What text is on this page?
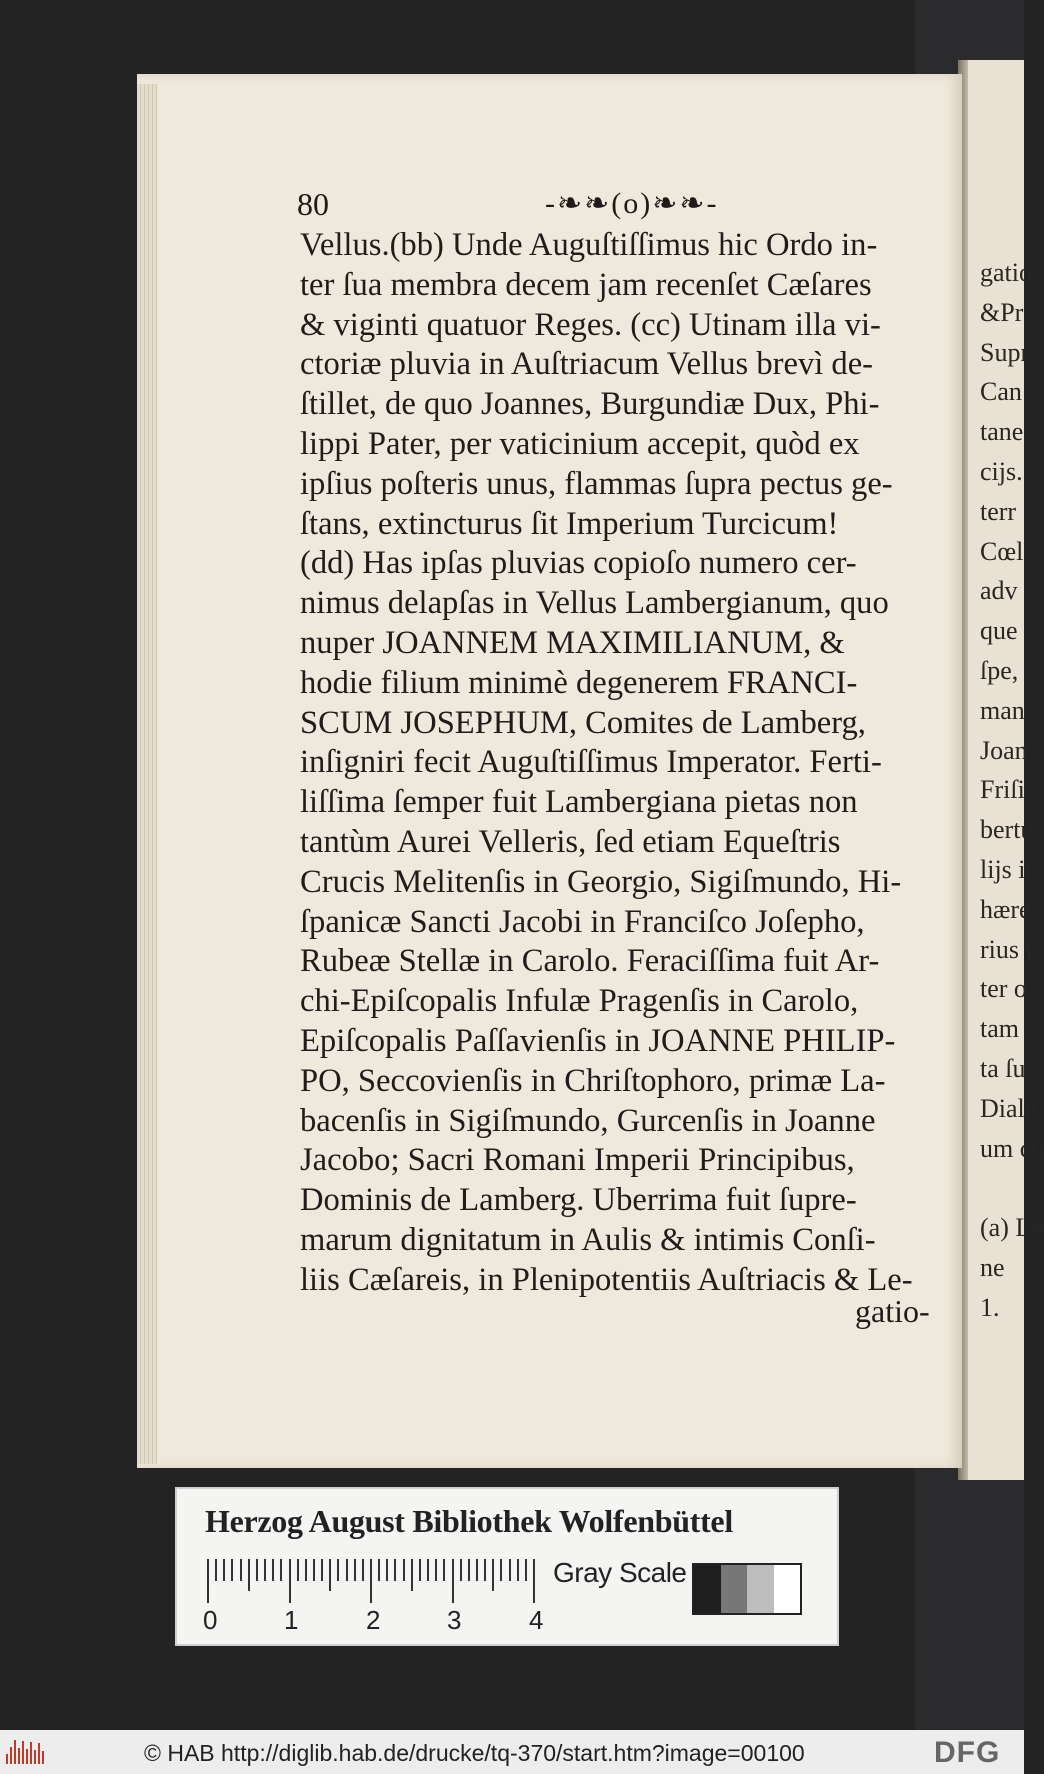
gatio
&Pr
Supr
Can
tane
cijs.
terr
Cœl
adv
que
ſpe,
man
Joan
Friſi
bertu
lijs it
hære
rius j
ter o
tam
ta ſu
Diale
um cu
(a) Le
ne
1.
80	-❧❧(o)❧❧-
Vellus.(bb) Unde Auguſtiſſimus hic Ordo in-
ter ſua membra decem jam recenſet Cæſares
& viginti quatuor Reges. (cc) Utinam illa vi-
ctoriæ pluvia in Auſtriacum Vellus brevì de-
ſtillet, de quo Joannes, Burgundiæ Dux, Phi-
lippi Pater, per vaticinium accepit, quòd ex
ipſius poſteris unus, flammas ſupra pectus ge-
ſtans, extincturus ſit Imperium Turcicum!
(dd) Has ipſas pluvias copioſo numero cer-
nimus delapſas in Vellus Lambergianum, quo
nuper JOANNEM MAXIMILIANUM, &
hodie filium minimè degenerem FRANCI-
SCUM JOSEPHUM, Comites de Lamberg,
inſigniri fecit Auguſtiſſimus Imperator. Ferti-
liſſima ſemper fuit Lambergiana pietas non
tantùm Aurei Velleris, ſed etiam Equeſtris
Crucis Melitenſis in Georgio, Sigiſmundo, Hi-
ſpanicæ Sancti Jacobi in Franciſco Joſepho,
Rubeæ Stellæ in Carolo. Feraciſſima fuit Ar-
chi-Epiſcopalis Infulæ Pragenſis in Carolo,
Epiſcopalis Paſſavienſis in JOANNE PHILIP-
PO, Seccovienſis in Chriſtophoro, primæ La-
bacenſis in Sigiſmundo, Gurcenſis in Joanne
Jacobo; Sacri Romani Imperii Principibus,
Dominis de Lamberg. Uberrima fuit ſupre-
marum dignitatum in Aulis & intimis Conſi-
liis Cæſareis, in Plenipotentiis Auſtriacis & Le-
gatio-
Herzog August Bibliothek Wolfenbüttel
0	1	2	3	4
Gray Scale
© HAB http://diglib.hab.de/drucke/tq-370/start.htm?image=00100	DFG
